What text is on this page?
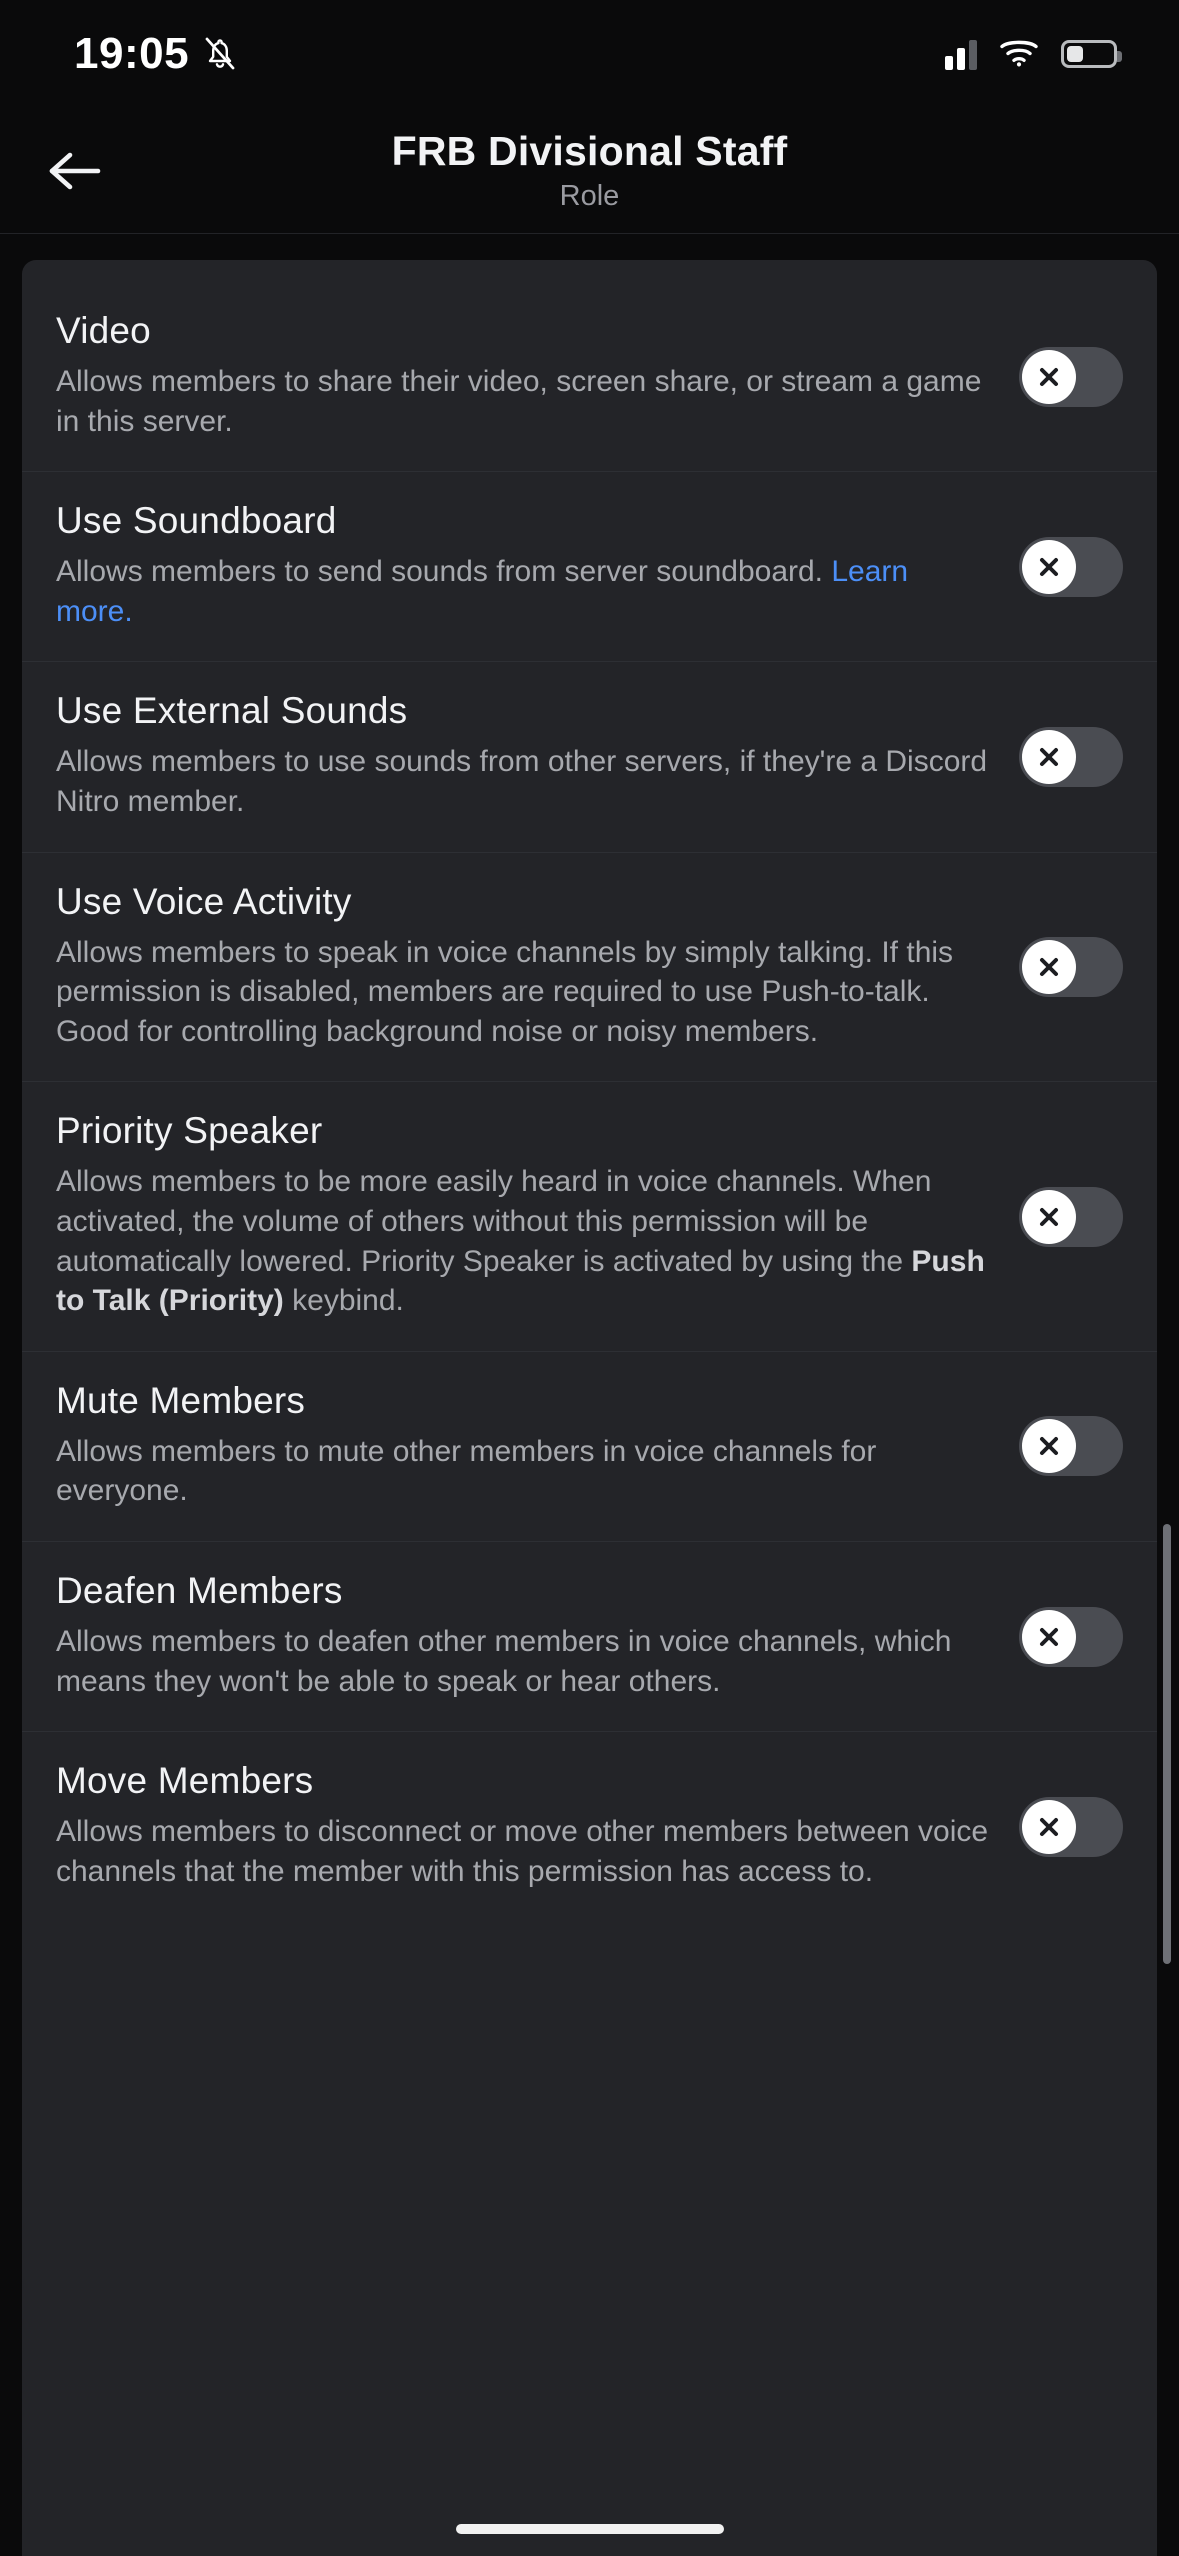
19:05
FRB Divisional Staff
Role
Video
Allows members to share their video, screen share, or stream a game in this server.
Use Soundboard
Allows members to send sounds from server soundboard. Learn more.
Use External Sounds
Allows members to use sounds from other servers, if they're a Discord Nitro member.
Use Voice Activity
Allows members to speak in voice channels by simply talking. If this permission is disabled, members are required to use Push-to-talk. Good for controlling background noise or noisy members.
Priority Speaker
Allows members to be more easily heard in voice channels. When activated, the volume of others without this permission will be automatically lowered. Priority Speaker is activated by using the Push to Talk (Priority) keybind.
Mute Members
Allows members to mute other members in voice channels for everyone.
Deafen Members
Allows members to deafen other members in voice channels, which means they won't be able to speak or hear others.
Move Members
Allows members to disconnect or move other members between voice channels that the member with this permission has access to.
